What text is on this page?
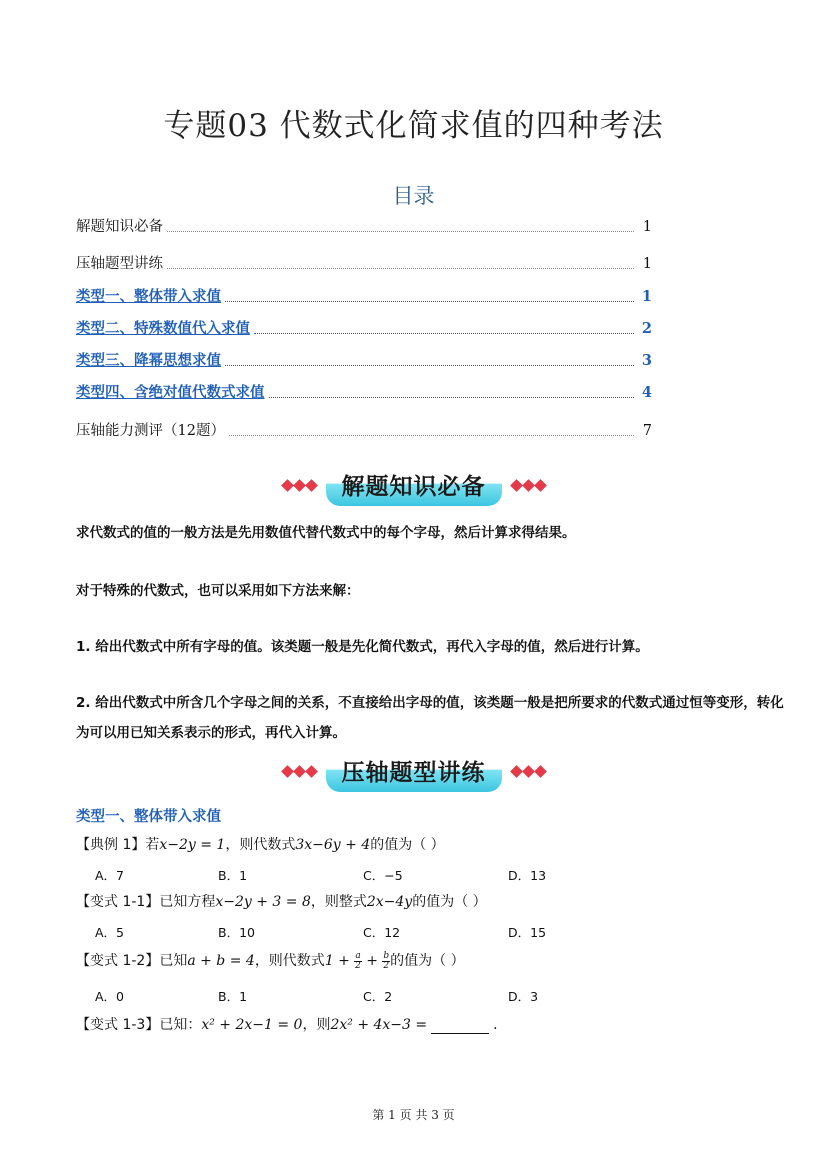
专题03 代数式化简求值的四种考法
目录
解题知识必备	1
压轴题型讲练	1
类型一、整体带入求值	1
类型二、特殊数值代入求值	2
类型三、降幂思想求值	3
类型四、含绝对值代数式求值	4
压轴能力测评（12题）	7
解题知识必备
求代数式的值的一般方法是先用数值代替代数式中的每个字母，然后计算求得结果。
对于特殊的代数式，也可以采用如下方法来解：
1. 给出代数式中所有字母的值。该类题一般是先化简代数式，再代入字母的值，然后进行计算。
2. 给出代数式中所含几个字母之间的关系，不直接给出字母的值，该类题一般是把所要求的代数式通过恒等变形，转化为可以用已知关系表示的形式，再代入计算。
压轴题型讲练
类型一、整体带入求值
【典例 1】若x−2y = 1，则代数式3x−6y + 4的值为（ ）
A．7	B．1	C．−5	D．13
【变式 1-1】已知方程x−2y + 3 = 8，则整式2x−4y的值为（ ）
A．5	B．10	C．12	D．15
【变式 1-2】已知a + b = 4，则代数式$1 + \frac{a}{2} + \frac{b}{2}$ 的值为（ ）
A．0	B．1	C．2	D．3
【变式 1-3】已知：x² + 2x−1 = 0，则2x² + 4x−3 =	.
第 1 页 共 3 页
